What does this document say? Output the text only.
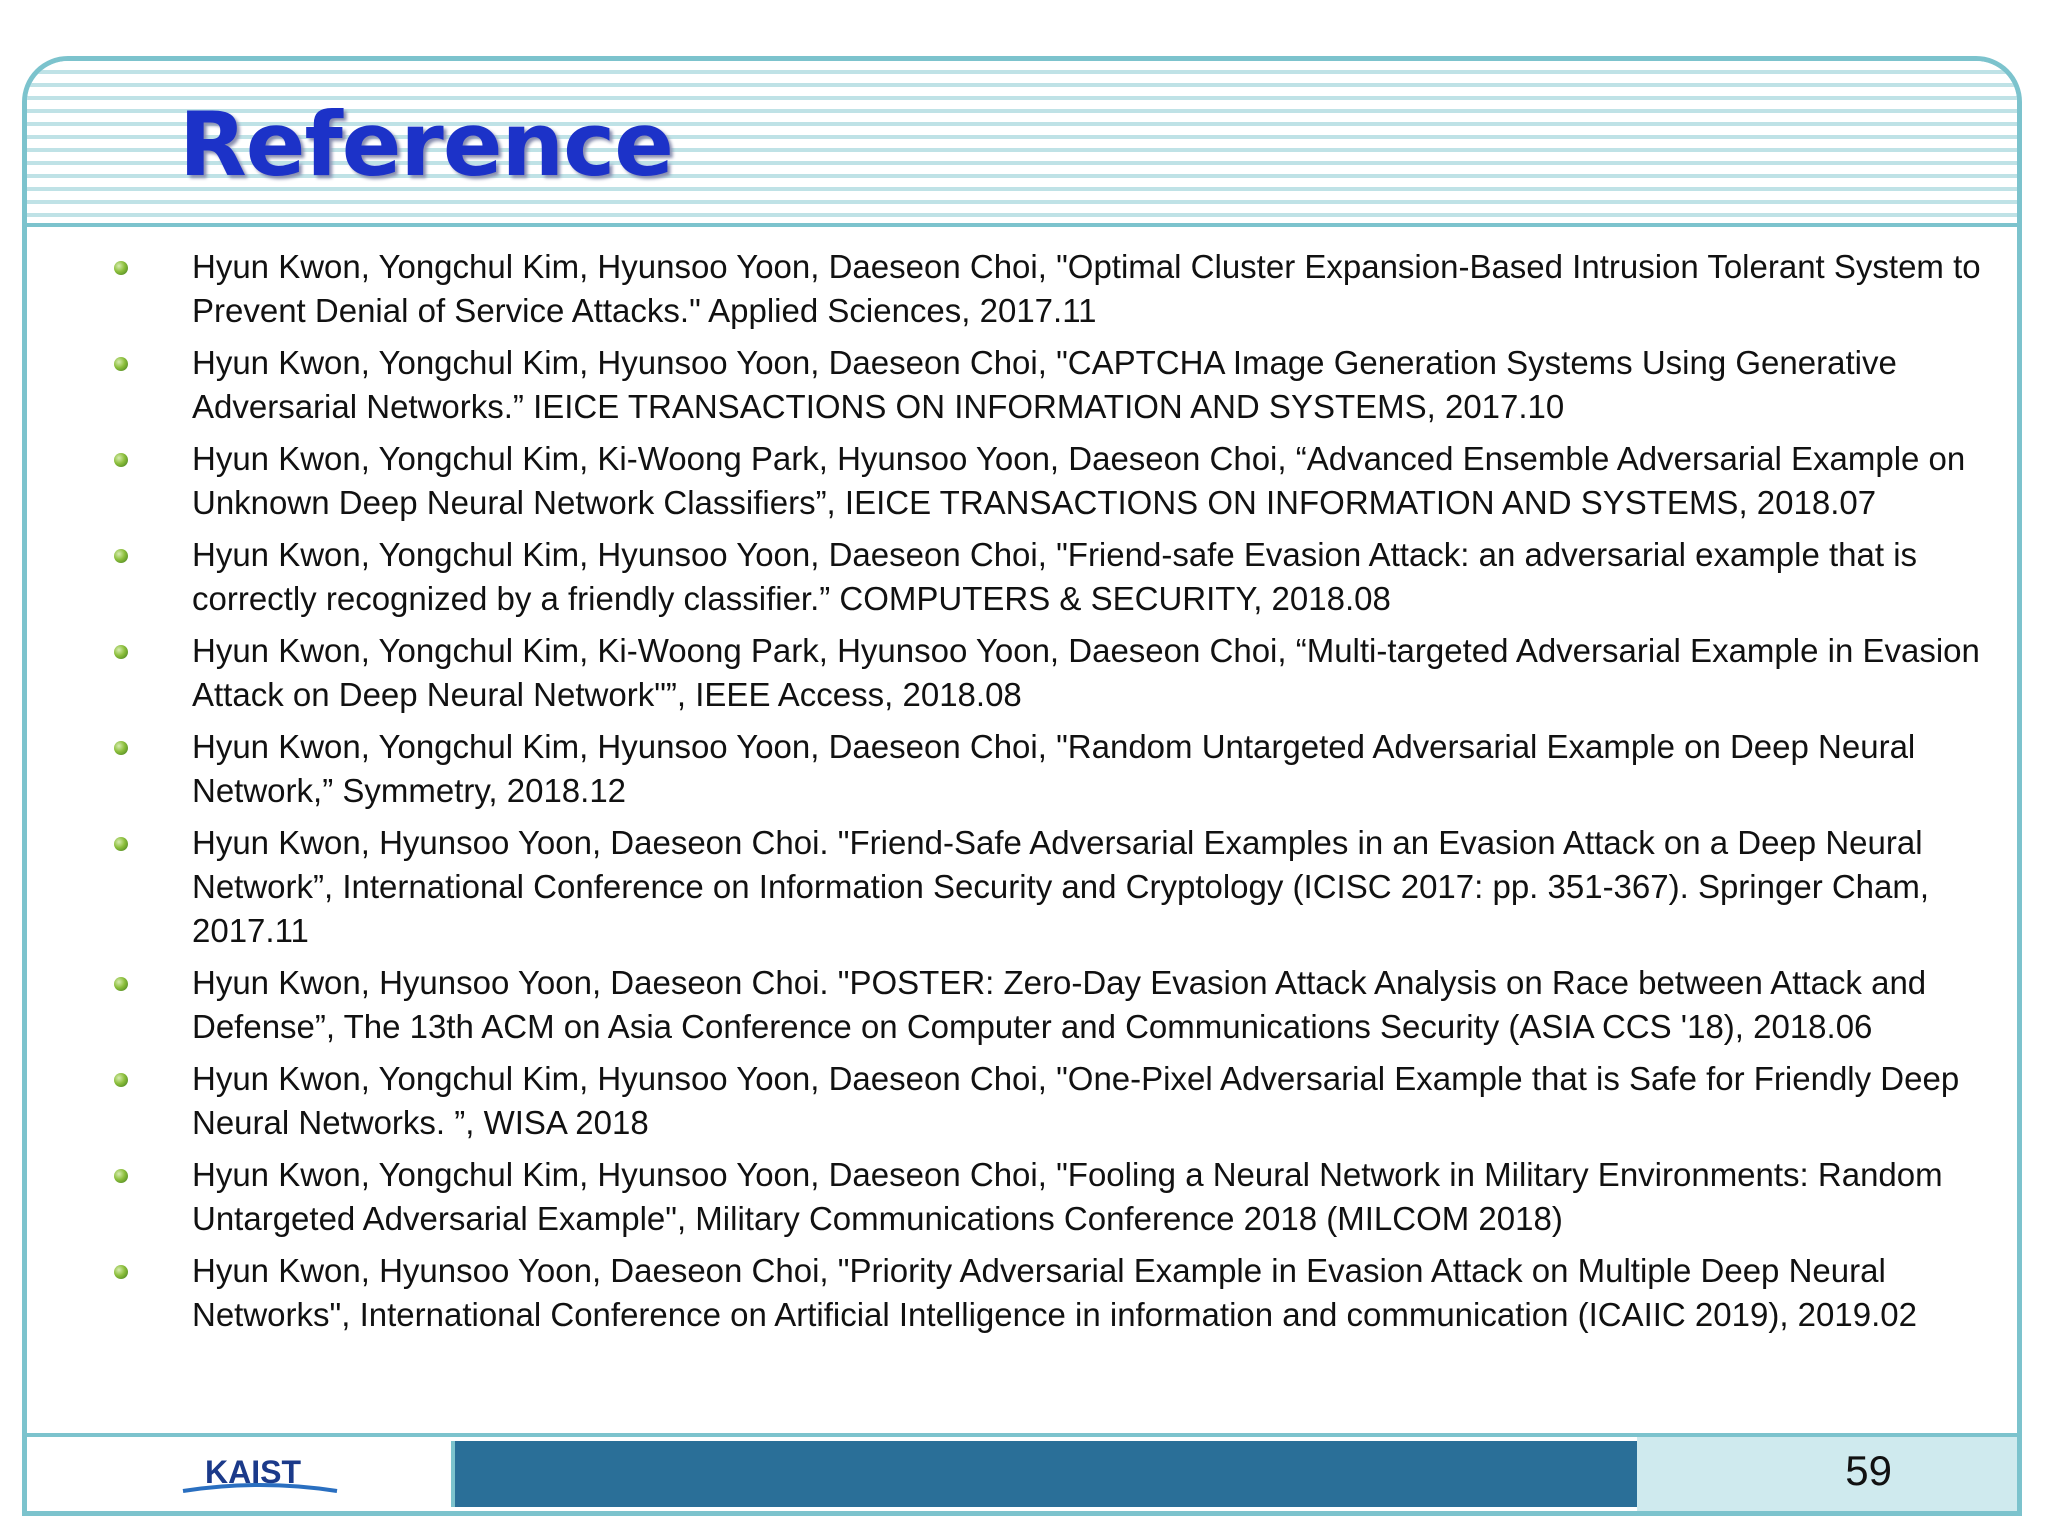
Reference
Hyun Kwon, Yongchul Kim, Hyunsoo Yoon, Daeseon Choi, "Optimal Cluster Expansion-Based Intrusion Tolerant System to Prevent Denial of Service Attacks." Applied Sciences, 2017.11
Hyun Kwon, Yongchul Kim, Hyunsoo Yoon, Daeseon Choi, "CAPTCHA Image Generation Systems Using Generative Adversarial Networks.” IEICE TRANSACTIONS ON INFORMATION AND SYSTEMS, 2017.10
Hyun Kwon, Yongchul Kim, Ki-Woong Park, Hyunsoo Yoon, Daeseon Choi, “Advanced Ensemble Adversarial Example on Unknown Deep Neural Network Classifiers”, IEICE TRANSACTIONS ON INFORMATION AND SYSTEMS, 2018.07
Hyun Kwon, Yongchul Kim, Hyunsoo Yoon, Daeseon Choi, "Friend-safe Evasion Attack: an adversarial example that is correctly recognized by a friendly classifier.” COMPUTERS & SECURITY, 2018.08
Hyun Kwon, Yongchul Kim, Ki-Woong Park, Hyunsoo Yoon, Daeseon Choi, “Multi-targeted Adversarial Example in Evasion Attack on Deep Neural Network"”, IEEE Access, 2018.08
Hyun Kwon, Yongchul Kim, Hyunsoo Yoon, Daeseon Choi, "Random Untargeted Adversarial Example on Deep Neural Network,” Symmetry, 2018.12
Hyun Kwon, Hyunsoo Yoon, Daeseon Choi. "Friend-Safe Adversarial Examples in an Evasion Attack on a Deep Neural Network”, International Conference on Information Security and Cryptology (ICISC 2017: pp. 351-367). Springer Cham, 2017.11
Hyun Kwon, Hyunsoo Yoon, Daeseon Choi. "POSTER: Zero-Day Evasion Attack Analysis on Race between Attack and Defense”, The 13th ACM on Asia Conference on Computer and Communications Security (ASIA CCS '18), 2018.06
Hyun Kwon, Yongchul Kim, Hyunsoo Yoon, Daeseon Choi, "One-Pixel Adversarial Example that is Safe for Friendly Deep Neural Networks. ”, WISA 2018
Hyun Kwon, Yongchul Kim, Hyunsoo Yoon, Daeseon Choi, "Fooling a Neural Network in Military Environments: Random Untargeted Adversarial Example", Military Communications Conference 2018 (MILCOM 2018)
Hyun Kwon, Hyunsoo Yoon, Daeseon Choi, "Priority Adversarial Example in Evasion Attack on Multiple Deep Neural Networks", International Conference on Artificial Intelligence in information and communication (ICAIIC 2019), 2019.02
KAIST	59
